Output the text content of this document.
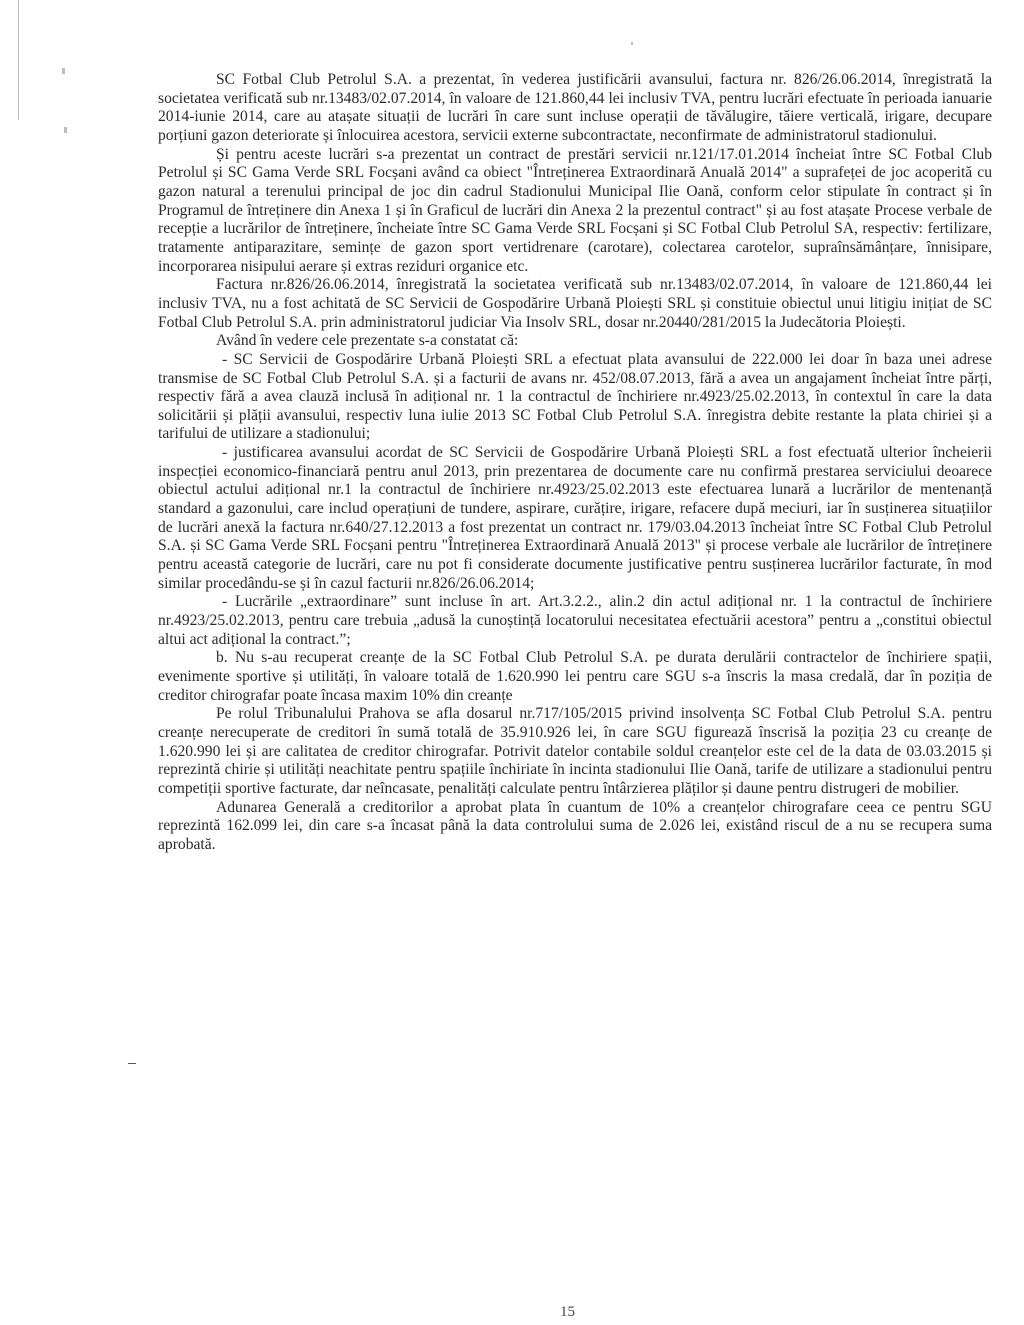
SC Fotbal Club Petrolul S.A. a prezentat, în vederea justificării avansului, factura nr. 826/26.06.2014, înregistrată la societatea verificată sub nr.13483/02.07.2014, în valoare de 121.860,44 lei inclusiv TVA, pentru lucrări efectuate în perioada ianuarie 2014-iunie 2014, care au atașate situații de lucrări în care sunt incluse operații de tăvălugire, tăiere verticală, irigare, decupare porțiuni gazon deteriorate și înlocuirea acestora, servicii externe subcontractate, neconfirmate de administratorul stadionului.

Și pentru aceste lucrări s-a prezentat un contract de prestări servicii nr.121/17.01.2014 încheiat între SC Fotbal Club Petrolul și SC Gama Verde SRL Focșani având ca obiect "Întreținerea Extraordinară Anuală 2014" a suprafeței de joc acoperită cu gazon natural a terenului principal de joc din cadrul Stadionului Municipal Ilie Oană, conform celor stipulate în contract și în Programul de întreținere din Anexa 1 și în Graficul de lucrări din Anexa 2 la prezentul contract" și au fost atașate Procese verbale de recepție a lucrărilor de întreținere, încheiate între SC Gama Verde SRL Focșani și SC Fotbal Club Petrolul SA, respectiv: fertilizare, tratamente antiparazitare, semințe de gazon sport vertidrenare (carotare), colectarea carotelor, supraînsămânțare, înnisipare, incorporarea nisipului aerare și extras reziduri organice etc.

Factura nr.826/26.06.2014, înregistrată la societatea verificată sub nr.13483/02.07.2014, în valoare de 121.860,44 lei inclusiv TVA, nu a fost achitată de SC Servicii de Gospodărire Urbană Ploiești SRL și constituie obiectul unui litigiu inițiat de SC Fotbal Club Petrolul S.A. prin administratorul judiciar Via Insolv SRL, dosar nr.20440/281/2015 la Judecătoria Ploiești.

Având în vedere cele prezentate s-a constatat că:

- SC Servicii de Gospodărire Urbană Ploiești SRL a efectuat plata avansului de 222.000 lei doar în baza unei adrese transmise de SC Fotbal Club Petrolul S.A. și a facturii de avans nr. 452/08.07.2013, fără a avea un angajament încheiat între părți, respectiv fără a avea clauză inclusă în adițional nr. 1 la contractul de închiriere nr.4923/25.02.2013, în contextul în care la data solicitării și plății avansului, respectiv luna iulie 2013 SC Fotbal Club Petrolul S.A. înregistra debite restante la plata chiriei și a tarifului de utilizare a stadionului;

- justificarea avansului acordat de SC Servicii de Gospodărire Urbană Ploiești SRL a fost efectuată ulterior încheierii inspecției economico-financiară pentru anul 2013, prin prezentarea de documente care nu confirmă prestarea serviciului deoarece obiectul actului adițional nr.1 la contractul de închiriere nr.4923/25.02.2013 este efectuarea lunară a lucrărilor de mentenanță standard a gazonului, care includ operațiuni de tundere, aspirare, curățire, irigare, refacere după meciuri, iar în susținerea situațiilor de lucrări anexă la factura nr.640/27.12.2013 a fost prezentat un contract nr. 179/03.04.2013 încheiat între SC Fotbal Club Petrolul S.A. și SC Gama Verde SRL Focșani pentru "Întreținerea Extraordinară Anuală 2013" și procese verbale ale lucrărilor de întreținere pentru această categorie de lucrări, care nu pot fi considerate documente justificative pentru susținerea lucrărilor facturate, în mod similar procedându-se și în cazul facturii nr.826/26.06.2014;

- Lucrările „extraordinare” sunt incluse în art. Art.3.2.2., alin.2 din actul adițional nr. 1 la contractul de închiriere nr.4923/25.02.2013, pentru care trebuia „adusă la cunoștință locatorului necesitatea efectuării acestora” pentru a „constitui obiectul altui act adițional la contract.”;

b. Nu s-au recuperat creanțe de la SC Fotbal Club Petrolul S.A. pe durata derulării contractelor de închiriere spații, evenimente sportive și utilități, în valoare totală de 1.620.990 lei pentru care SGU s-a înscris la masa credală, dar în poziția de creditor chirografar poate încasa maxim 10% din creanțe

Pe rolul Tribunalului Prahova se afla dosarul nr.717/105/2015 privind insolvența SC Fotbal Club Petrolul S.A. pentru creanțe nerecuperate de creditori în sumă totală de 35.910.926 lei, în care SGU figurează înscrisă la poziția 23 cu creanțe de 1.620.990 lei și are calitatea de creditor chirografar. Potrivit datelor contabile soldul creanțelor este cel de la data de 03.03.2015 și reprezintă chirie și utilități neachitate pentru spațiile închiriate în incinta stadionului Ilie Oană, tarife de utilizare a stadionului pentru competiții sportive facturate, dar neîncasate, penalități calculate pentru întârzierea plăților și daune pentru distrugeri de mobilier.

Adunarea Generală a creditorilor a aprobat plata în cuantum de 10% a creanțelor chirografare ceea ce pentru SGU reprezintă 162.099 lei, din care s-a încasat până la data controlului suma de 2.026 lei, existând riscul de a nu se recupera suma aprobată.

15
